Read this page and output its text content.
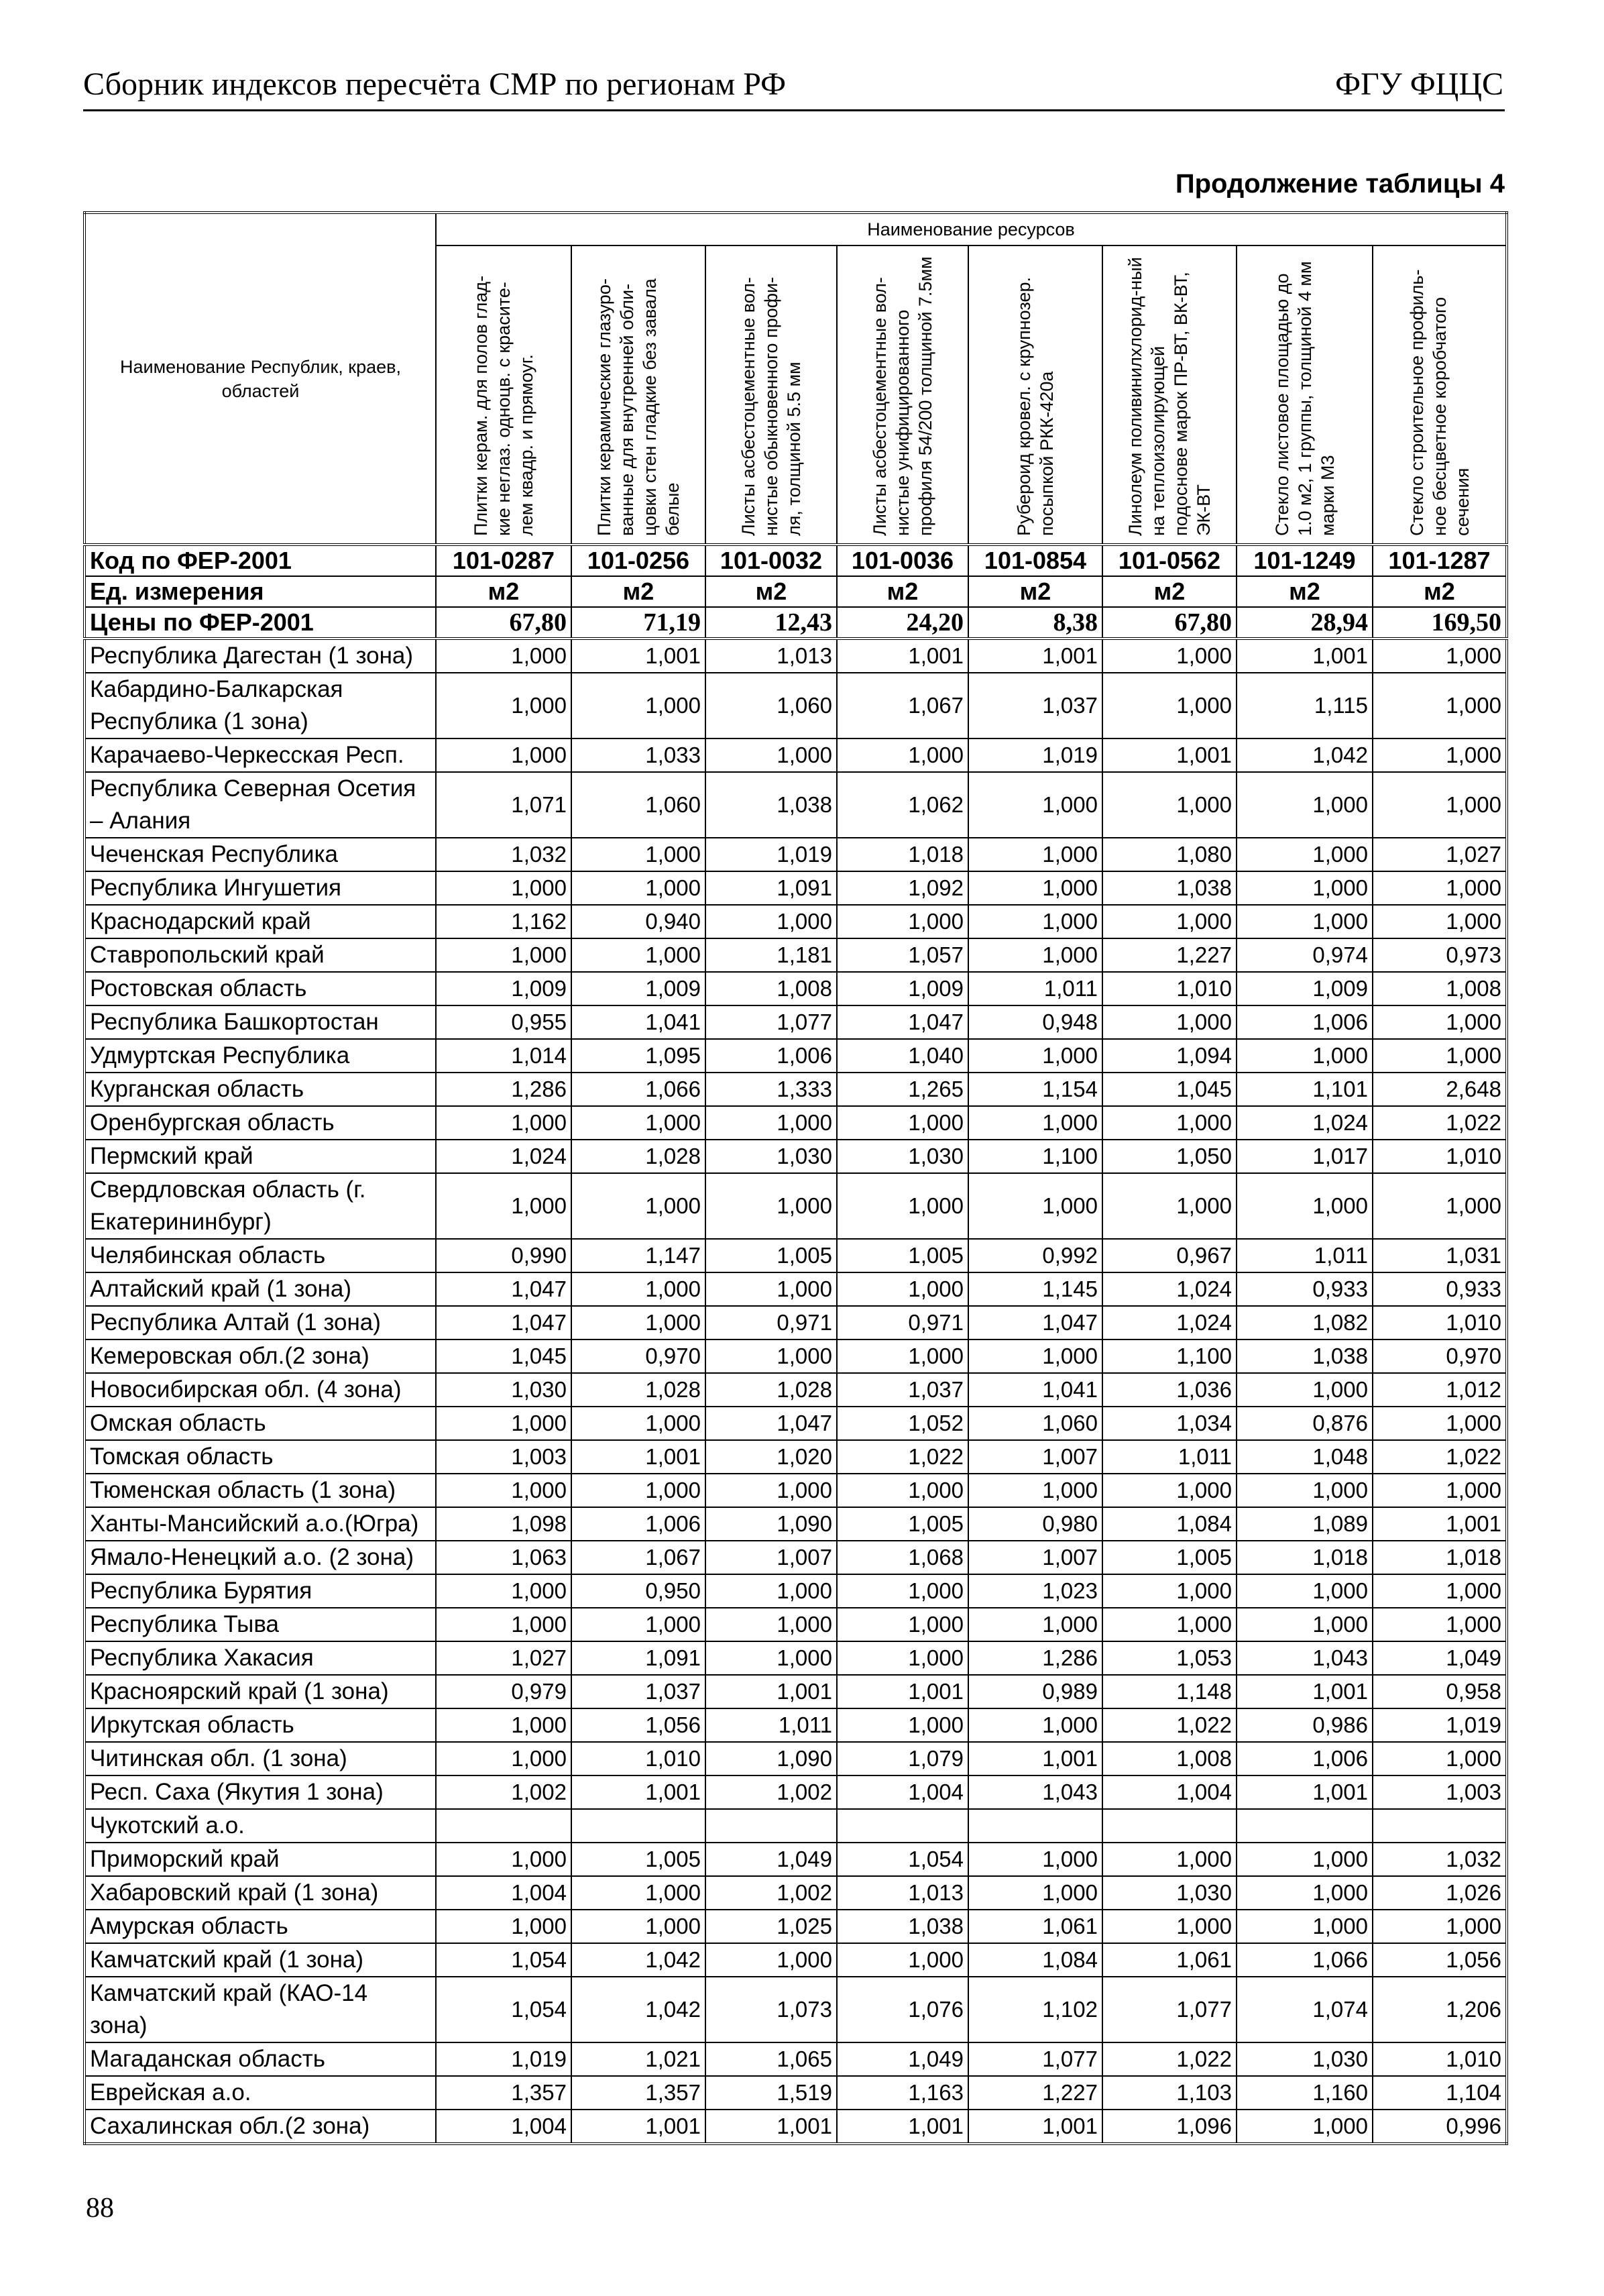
Сборник индексов пересчёта СМР по регионам РФ	ФГУ ФЦЦС
Продолжение таблицы 4
Наименование Республик, краев, областей	Наименование ресурсов							

	Плитки керам. для полов глад-кие неглаз. одноцв. с красите-лем квадр. и прямоуг.	Плитки керамические глазуро-ванные для внутренней обли-цовки стен гладкие без завала белые	Листы асбестоцементные вол-нистые обыкновенного профи-ля, толщиной 5.5 мм	Листы асбестоцементные вол-нистые унифицированного профиля 54/200 толщиной 7.5мм	Рубероид кровел. с крупнозер. посыпкой РКК-420а	Линолеум поливинилхлорид-ный на теплоизолирующей подоснове марок ПР-ВТ, ВК-ВТ, ЭК-ВТ	Стекло листовое площадью до 1.0 м2, 1 группы, толщиной 4 мм марки М3	Стекло строительное профиль-ное бесцветное коробчатого сечения

Код по ФЕР-2001	101-0287	101-0256	101-0032	101-0036	101-0854	101-0562	101-1249	101-1287
Ед. измерения	м2	м2	м2	м2	м2	м2	м2	м2
Цены по ФЕР-2001	67,80	71,19	12,43	24,20	8,38	67,80	28,94	169,50
Республика Дагестан (1 зона)	1,000	1,001	1,013	1,001	1,001	1,000	1,001	1,000
Кабардино-Балкарская Республика (1 зона)	1,000	1,000	1,060	1,067	1,037	1,000	1,115	1,000
Карачаево-Черкесская Респ.	1,000	1,033	1,000	1,000	1,019	1,001	1,042	1,000
Республика Северная Осетия – Алания	1,071	1,060	1,038	1,062	1,000	1,000	1,000	1,000
Чеченская Республика	1,032	1,000	1,019	1,018	1,000	1,080	1,000	1,027
Республика Ингушетия	1,000	1,000	1,091	1,092	1,000	1,038	1,000	1,000
Краснодарский край	1,162	0,940	1,000	1,000	1,000	1,000	1,000	1,000
Ставропольский край	1,000	1,000	1,181	1,057	1,000	1,227	0,974	0,973
Ростовская область	1,009	1,009	1,008	1,009	1,011	1,010	1,009	1,008
Республика Башкортостан	0,955	1,041	1,077	1,047	0,948	1,000	1,006	1,000
Удмуртская Республика	1,014	1,095	1,006	1,040	1,000	1,094	1,000	1,000
Курганская область	1,286	1,066	1,333	1,265	1,154	1,045	1,101	2,648
Оренбургская область	1,000	1,000	1,000	1,000	1,000	1,000	1,024	1,022
Пермский край	1,024	1,028	1,030	1,030	1,100	1,050	1,017	1,010
Свердловская область (г. Екатерининбург)	1,000	1,000	1,000	1,000	1,000	1,000	1,000	1,000
Челябинская область	0,990	1,147	1,005	1,005	0,992	0,967	1,011	1,031
Алтайский край (1 зона)	1,047	1,000	1,000	1,000	1,145	1,024	0,933	0,933
Республика Алтай (1 зона)	1,047	1,000	0,971	0,971	1,047	1,024	1,082	1,010
Кемеровская обл.(2 зона)	1,045	0,970	1,000	1,000	1,000	1,100	1,038	0,970
Новосибирская обл. (4 зона)	1,030	1,028	1,028	1,037	1,041	1,036	1,000	1,012
Омская область	1,000	1,000	1,047	1,052	1,060	1,034	0,876	1,000
Томская область	1,003	1,001	1,020	1,022	1,007	1,011	1,048	1,022
Тюменская область (1 зона)	1,000	1,000	1,000	1,000	1,000	1,000	1,000	1,000
Ханты-Мансийский а.о.(Югра)	1,098	1,006	1,090	1,005	0,980	1,084	1,089	1,001
Ямало-Ненецкий а.о. (2 зона)	1,063	1,067	1,007	1,068	1,007	1,005	1,018	1,018
Республика Бурятия	1,000	0,950	1,000	1,000	1,023	1,000	1,000	1,000
Республика Тыва	1,000	1,000	1,000	1,000	1,000	1,000	1,000	1,000
Республика Хакасия	1,027	1,091	1,000	1,000	1,286	1,053	1,043	1,049
Красноярский край (1 зона)	0,979	1,037	1,001	1,001	0,989	1,148	1,001	0,958
Иркутская область	1,000	1,056	1,011	1,000	1,000	1,022	0,986	1,019
Читинская обл. (1 зона)	1,000	1,010	1,090	1,079	1,001	1,008	1,006	1,000
Респ. Саха (Якутия 1 зона)	1,002	1,001	1,002	1,004	1,043	1,004	1,001	1,003
Чукотский а.о.								
Приморский край	1,000	1,005	1,049	1,054	1,000	1,000	1,000	1,032
Хабаровский край (1 зона)	1,004	1,000	1,002	1,013	1,000	1,030	1,000	1,026
Амурская область	1,000	1,000	1,025	1,038	1,061	1,000	1,000	1,000
Камчатский край (1 зона)	1,054	1,042	1,000	1,000	1,084	1,061	1,066	1,056
Камчатский край (КАО-14 зона)	1,054	1,042	1,073	1,076	1,102	1,077	1,074	1,206
Магаданская область	1,019	1,021	1,065	1,049	1,077	1,022	1,030	1,010
Еврейская а.о.	1,357	1,357	1,519	1,163	1,227	1,103	1,160	1,104
Сахалинская обл.(2 зона)	1,004	1,001	1,001	1,001	1,001	1,096	1,000	0,996
88
